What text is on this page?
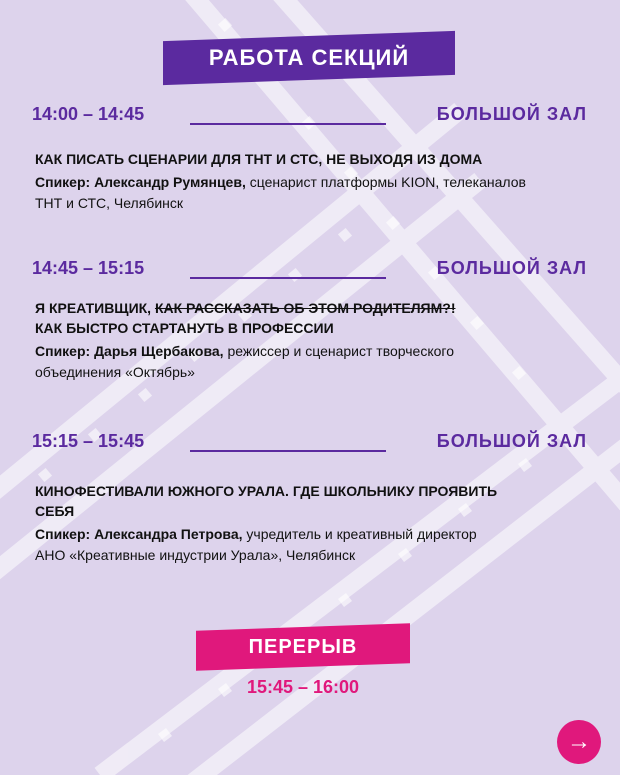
РАБОТА СЕКЦИЙ
14:00 – 14:45	БОЛЬШОЙ ЗАЛ
КАК ПИСАТЬ СЦЕНАРИИ ДЛЯ ТНТ И СТС, НЕ ВЫХОДЯ ИЗ ДОМА
Спикер: Александр Румянцев, сценарист платформы KION, телеканалов
ТНТ и СТС, Челябинск
14:45 – 15:15	БОЛЬШОЙ ЗАЛ
Я КРЕАТИВЩИК, КАК РАССКАЗАТЬ ОБ ЭТОМ РОДИТЕЛЯМ?!
КАК БЫСТРО СТАРТАНУТЬ В ПРОФЕССИИ
Спикер: Дарья Щербакова, режиссер и сценарист творческого
объединения «Октябрь»
15:15 – 15:45	БОЛЬШОЙ ЗАЛ
КИНОФЕСТИВАЛИ ЮЖНОГО УРАЛА. ГДЕ ШКОЛЬНИКУ ПРОЯВИТЬ
СЕБЯ
Спикер: Александра Петрова, учредитель и креативный директор
АНО «Креативные индустрии Урала», Челябинск
ПЕРЕРЫВ
15:45 – 16:00
→
